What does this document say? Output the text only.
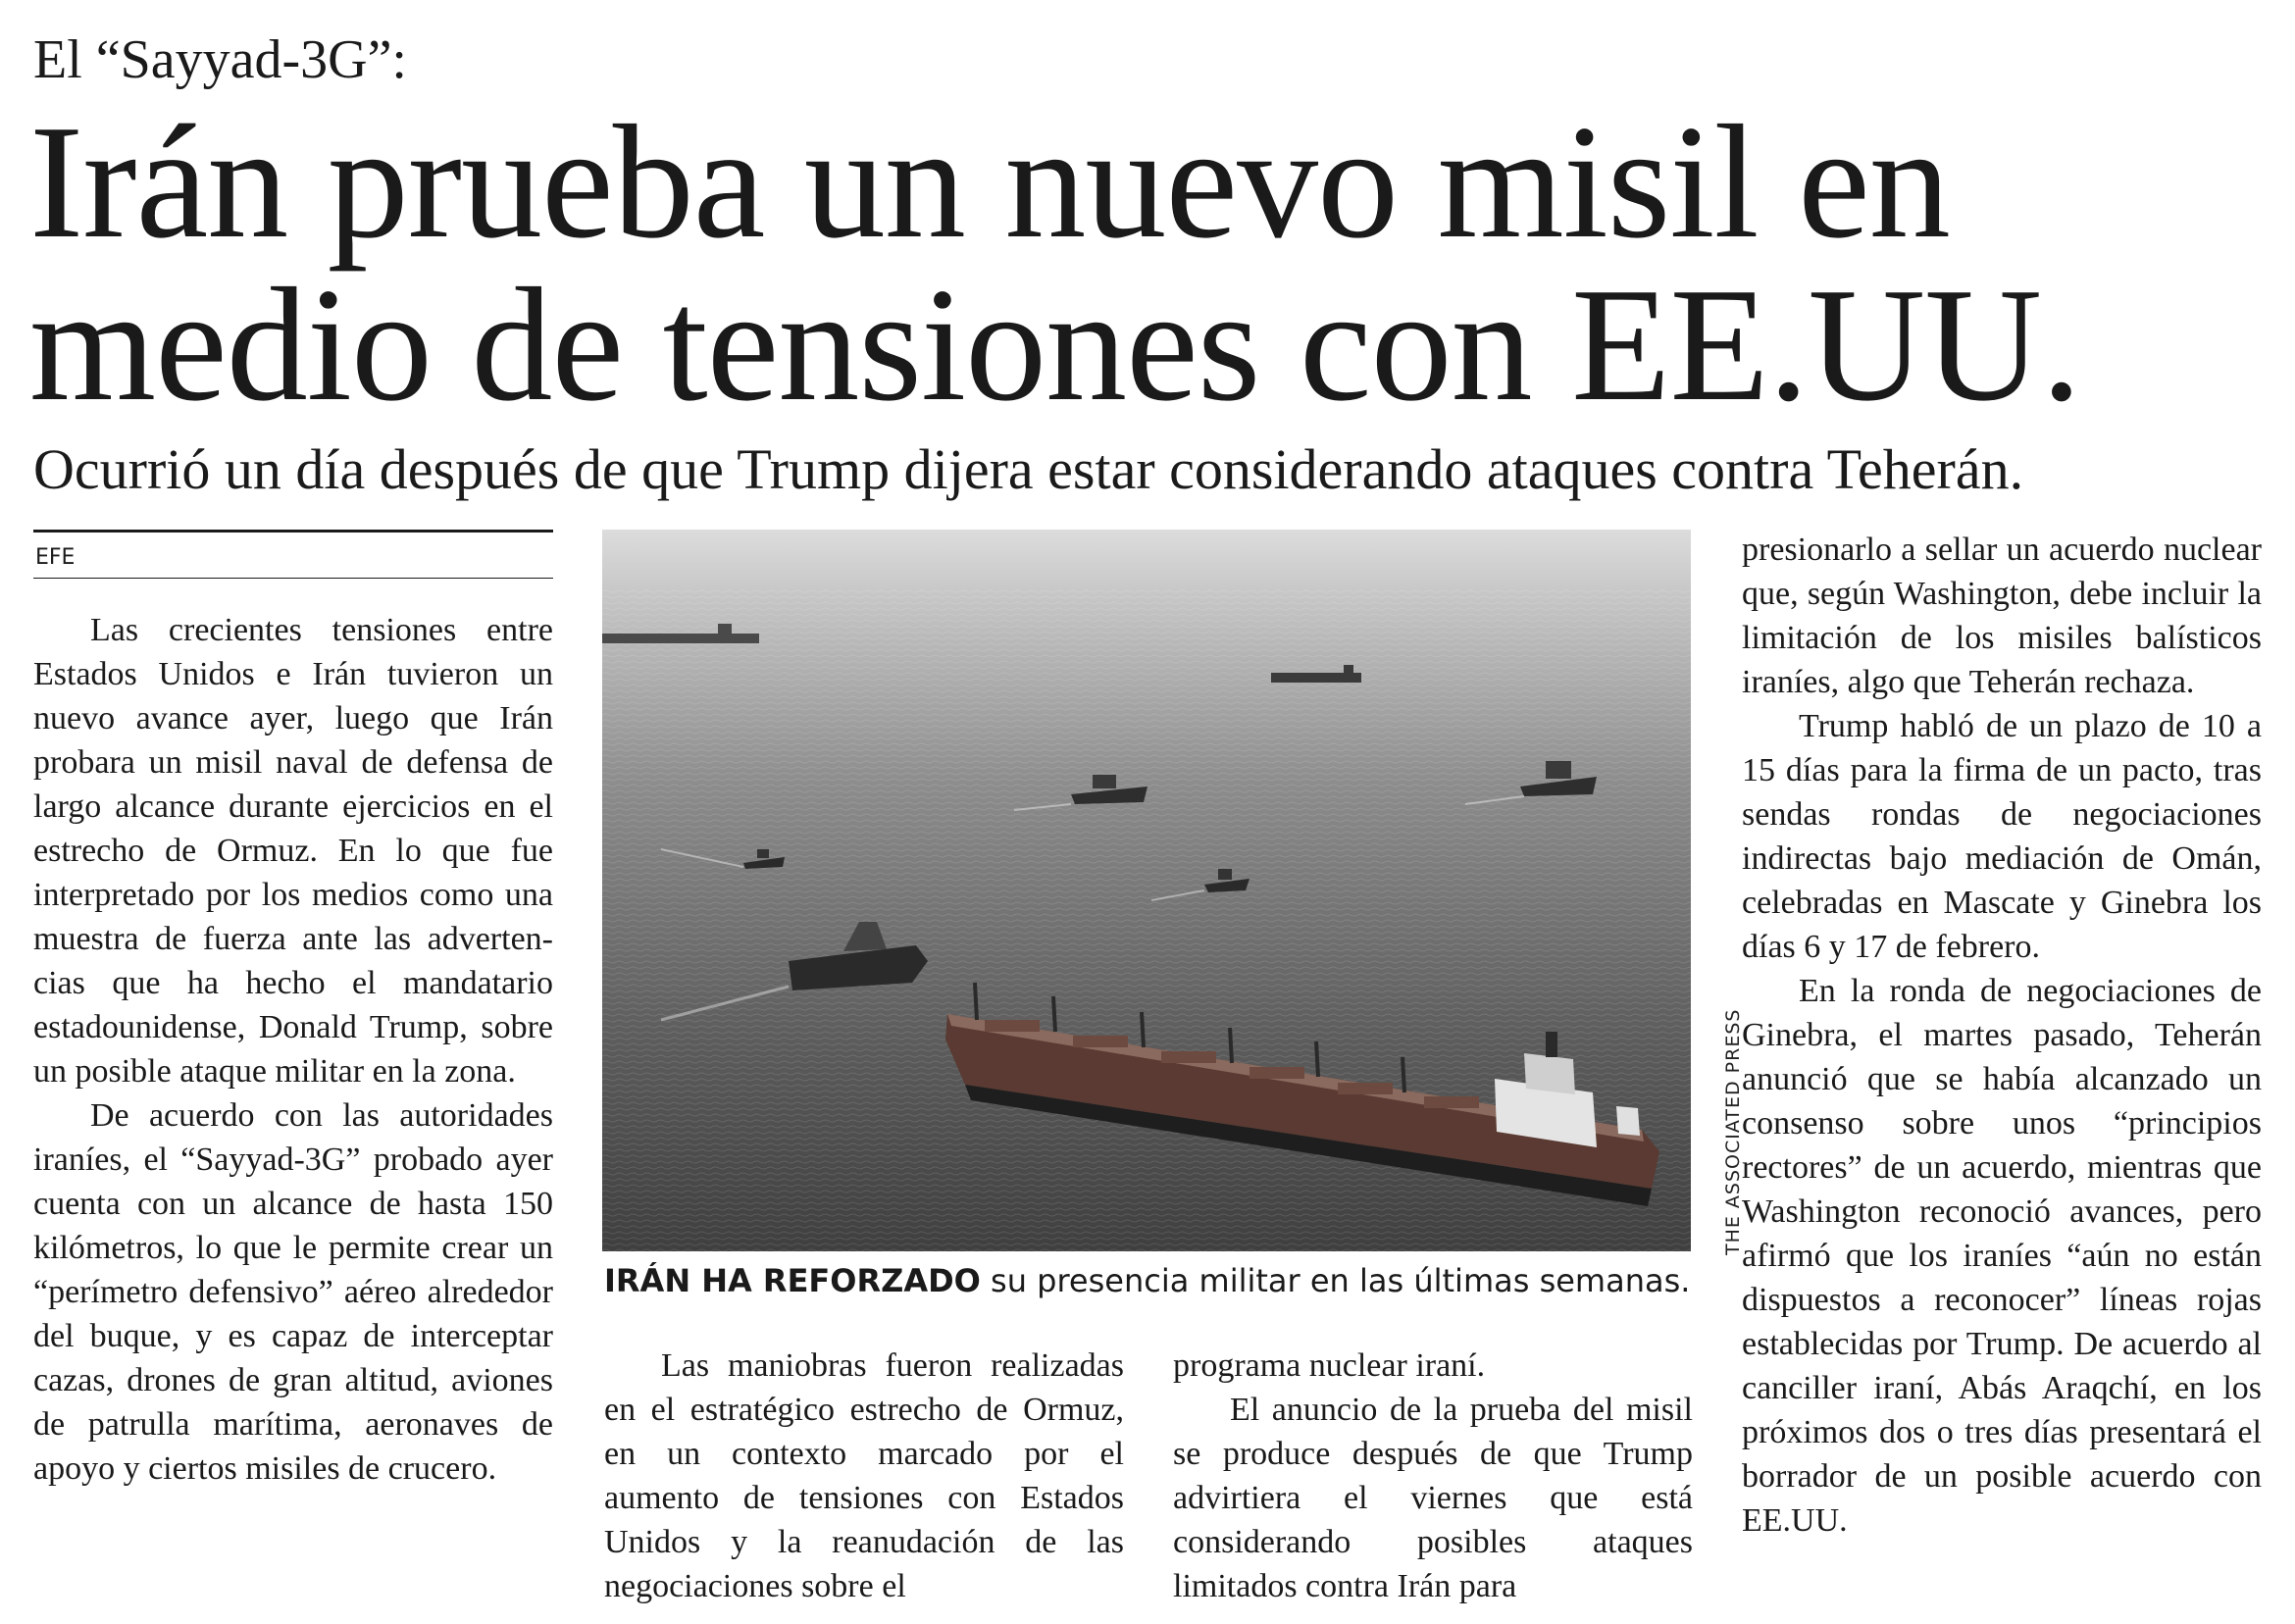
El “Sayyad-3G”:
Irán prueba un nuevo misil en
medio de tensiones con EE.UU.
Ocurrió un día después de que Trump dijera estar considerando ataques contra Teherán.
EFE

Las crecientes tensiones entre Estados Unidos e Irán tuvieron un nuevo avance ayer, luego que Irán probara un misil naval de defensa de largo alcance durante ejercicios en el estrecho de Ormuz. En lo que fue interpretado por los medios como una muestra de fuerza ante las advertencias que ha hecho el mandatario estadounidense, Donald Trump, sobre un posible ataque militar en la zona.

De acuerdo con las autoridades iraníes, el “Sayyad-3G” probado ayer cuenta con un alcance de hasta 150 kilómetros, lo que le permite crear un “perímetro defensivo” aéreo alrededor del buque, y es capaz de interceptar cazas, drones de gran altitud, aviones de patrulla marítima, aeronaves de apoyo y ciertos misiles de crucero.

THE ASSOCIATED PRESS
IRÁN HA REFORZADO su presencia militar en las últimas semanas.

Las maniobras fueron realizadas en el estratégico estrecho de Ormuz, en un contexto marcado por el aumento de tensiones con Estados Unidos y la reanudación de las negociaciones sobre el

programa nuclear iraní.

El anuncio de la prueba del misil se produce después de que Trump advirtiera el viernes que está considerando posibles ataques limitados contra Irán para

presionarlo a sellar un acuerdo nuclear que, según Washington, debe incluir la limitación de los misiles balísticos iraníes, algo que Teherán rechaza.

Trump habló de un plazo de 10 a 15 días para la firma de un pacto, tras sendas rondas de negociaciones indirectas bajo mediación de Omán, celebradas en Mascate y Ginebra los días 6 y 17 de febrero.

En la ronda de negociaciones de Ginebra, el martes pasado, Teherán anunció que se había alcanzado un consenso sobre unos “principios rectores” de un acuerdo, mientras que Washington reconoció avances, pero afirmó que los iraníes “aún no están dispuestos a reconocer” líneas rojas establecidas por Trump. De acuerdo al canciller iraní, Abás Araqchí, en los próximos dos o tres días presentará el borrador de un posible acuerdo con EE.UU.
